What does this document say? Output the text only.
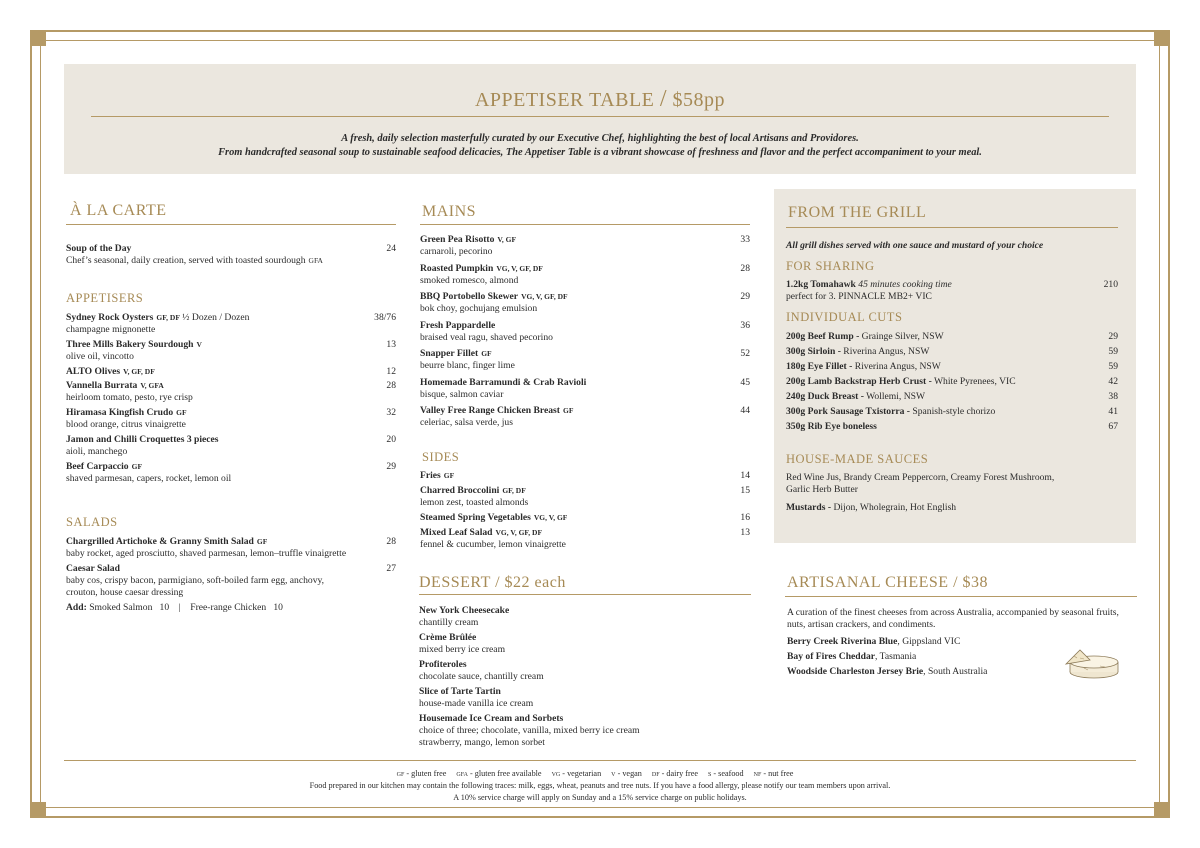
APPETISER TABLE / $58pp
A fresh, daily selection masterfully curated by our Executive Chef, highlighting the best of local Artisans and Providores.
From handcrafted seasonal soup to sustainable seafood delicacies, The Appetiser Table is a vibrant showcase of freshness and flavor and the perfect accompaniment to your meal.
À LA CARTE
Soup of the Day	24
Chef’s seasonal, daily creation, served with toasted sourdough GFA
APPETISERS
Sydney Rock Oysters GF, DF ½ Dozen / Dozen	38/76
champagne mignonette
Three Mills Bakery Sourdough V	13
olive oil, vincotto
ALTO Olives V, GF, DF	12
Vannella Burrata V, GFA	28
heirloom tomato, pesto, rye crisp
Hiramasa Kingfish Crudo GF	32
blood orange, citrus vinaigrette
Jamon and Chilli Croquettes 3 pieces	20
aioli, manchego
Beef Carpaccio GF	29
shaved parmesan, capers, rocket, lemon oil
SALADS
Chargrilled Artichoke & Granny Smith Salad GF	28
baby rocket, aged prosciutto, shaved parmesan, lemon–truffle vinaigrette
Caesar Salad	27
baby cos, crispy bacon, parmigiano, soft-boiled farm egg, anchovy,
crouton, house caesar dressing
Add: Smoked Salmon   10    |    Free-range Chicken   10
MAINS
Green Pea Risotto V, GF	33
carnaroli, pecorino
Roasted Pumpkin VG, V, GF, DF	28
smoked romesco, almond
BBQ Portobello Skewer VG, V, GF, DF	29
bok choy, gochujang emulsion
Fresh Pappardelle	36
braised veal ragu, shaved pecorino
Snapper Fillet GF	52
beurre blanc, finger lime
Homemade Barramundi & Crab Ravioli	45
bisque, salmon caviar
Valley Free Range Chicken Breast GF	44
celeriac, salsa verde, jus
SIDES
Fries GF	14
Charred Broccolini GF, DF	15
lemon zest, toasted almonds
Steamed Spring Vegetables VG, V, GF	16
Mixed Leaf Salad VG, V, GF, DF	13
fennel & cucumber, lemon vinaigrette
DESSERT / $22 each
New York Cheesecake
chantilly cream
Crème Brûlée
mixed berry ice cream
Profiteroles
chocolate sauce, chantilly cream
Slice of Tarte Tartin
house-made vanilla ice cream
Housemade Ice Cream and Sorbets
choice of three; chocolate, vanilla, mixed berry ice cream
strawberry, mango, lemon sorbet
FROM THE GRILL
All grill dishes served with one sauce and mustard of your choice
FOR SHARING
1.2kg Tomahawk 45 minutes cooking time	210
perfect for 3. PINNACLE MB2+ VIC
INDIVIDUAL CUTS
200g Beef Rump - Grainge Silver, NSW	29
300g Sirloin - Riverina Angus, NSW	59
180g Eye Fillet - Riverina Angus, NSW	59
200g Lamb Backstrap Herb Crust - White Pyrenees, VIC	42
240g Duck Breast - Wollemi, NSW	38
300g Pork Sausage Txistorra - Spanish-style chorizo	41
350g Rib Eye boneless	67
HOUSE-MADE SAUCES
Red Wine Jus, Brandy Cream Peppercorn, Creamy Forest Mushroom,
Garlic Herb Butter
Mustards - Dijon, Wholegrain, Hot English
ARTISANAL CHEESE / $38
A curation of the finest cheeses from across Australia, accompanied by seasonal fruits,
nuts, artisan crackers, and condiments.
Berry Creek Riverina Blue, Gippsland VIC
Bay of Fires Cheddar, Tasmania
Woodside Charleston Jersey Brie, South Australia
gf - gluten free gfa - gluten free available vg - vegetarian v - vegan df - dairy free s - seafood nf - nut free
Food prepared in our kitchen may contain the following traces: milk, eggs, wheat, peanuts and tree nuts. If you have a food allergy, please notify our team members upon arrival.
A 10% service charge will apply on Sunday and a 15% service charge on public holidays.
